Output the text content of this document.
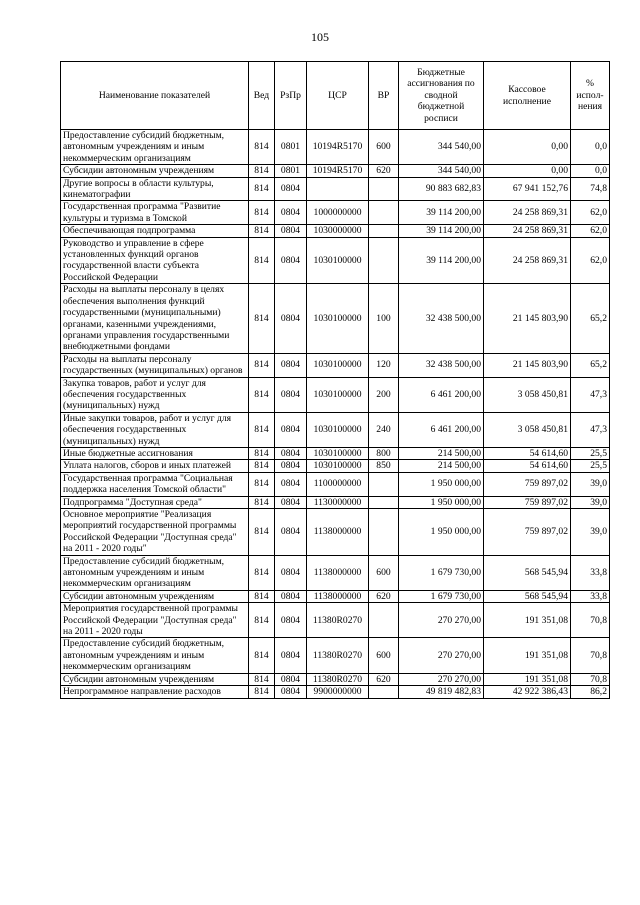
105
Наименование показателей	Вед	РзПр	ЦСР	ВР	Бюджетные ассигнования по сводной бюджетной росписи	Кассовое исполнение	% испол-нения
Предоставление субсидий бюджетным, автономным учреждениям и иным некоммерческим организациям	814	0801	10194R5170	600	344 540,00	0,00	0,0
Субсидии автономным учреждениям	814	0801	10194R5170	620	344 540,00	0,00	0,0
Другие вопросы в области культуры, кинематографии	814	0804			90 883 682,83	67 941 152,76	74,8
Государственная программа "Развитие культуры и туризма в Томской	814	0804	1000000000		39 114 200,00	24 258 869,31	62,0
Обеспечивающая подпрограмма	814	0804	1030000000		39 114 200,00	24 258 869,31	62,0
Руководство и управление в сфере установленных функций органов государственной власти субъекта Российской Федерации	814	0804	1030100000		39 114 200,00	24 258 869,31	62,0
Расходы на выплаты персоналу в целях обеспечения выполнения функций государственными (муниципальными) органами, казенными учреждениями, органами управления государственными внебюджетными фондами	814	0804	1030100000	100	32 438 500,00	21 145 803,90	65,2
Расходы на выплаты персоналу государственных (муниципальных) органов	814	0804	1030100000	120	32 438 500,00	21 145 803,90	65,2
Закупка товаров, работ и услуг для обеспечения государственных (муниципальных) нужд	814	0804	1030100000	200	6 461 200,00	3 058 450,81	47,3
Иные закупки товаров, работ и услуг для обеспечения государственных (муниципальных) нужд	814	0804	1030100000	240	6 461 200,00	3 058 450,81	47,3
Иные бюджетные ассигнования	814	0804	1030100000	800	214 500,00	54 614,60	25,5
Уплата налогов, сборов и иных платежей	814	0804	1030100000	850	214 500,00	54 614,60	25,5
Государственная программа "Социальная поддержка населения Томской области"	814	0804	1100000000		1 950 000,00	759 897,02	39,0
Подпрограмма "Доступная среда"	814	0804	1130000000		1 950 000,00	759 897,02	39,0
Основное мероприятие "Реализация мероприятий государственной программы Российской Федерации "Доступная среда" на 2011 - 2020 годы"	814	0804	1138000000		1 950 000,00	759 897,02	39,0
Предоставление субсидий бюджетным, автономным учреждениям и иным некоммерческим организациям	814	0804	1138000000	600	1 679 730,00	568 545,94	33,8
Субсидии автономным учреждениям	814	0804	1138000000	620	1 679 730,00	568 545,94	33,8
Мероприятия государственной программы Российской Федерации "Доступная среда" на 2011 - 2020 годы	814	0804	11380R0270		270 270,00	191 351,08	70,8
Предоставление субсидий бюджетным, автономным учреждениям и иным некоммерческим организациям	814	0804	11380R0270	600	270 270,00	191 351,08	70,8
Субсидии автономным учреждениям	814	0804	11380R0270	620	270 270,00	191 351,08	70,8
Непрограммное направление расходов	814	0804	9900000000		49 819 482,83	42 922 386,43	86,2
